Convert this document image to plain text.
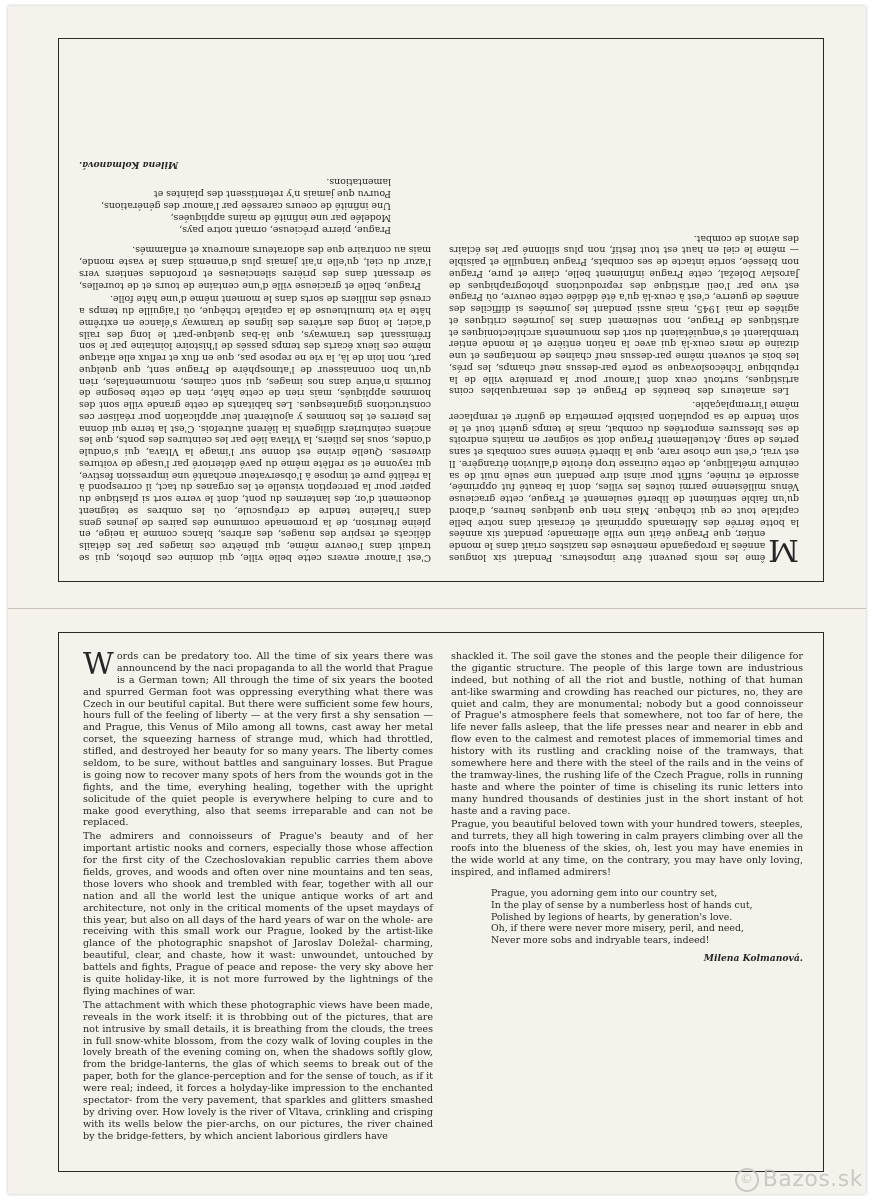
M
ême les mots peuvent être imposteurs. Pendant six longues années la propagande menteuse des nazistes criait dans le monde entier, que Prague était une ville allemande; pendant six années la botte ferrée des Allemands opprimait et écrasait dans notre belle capitale tout ce qui tchèque. Mais rien que quelques heures, d'abord qu'un faible sentiment de liberté seulement et Prague, cette gracieuse Vénus millésienne parmi toutes les villes, dont la beauté fut opprimée, assordie et ruinée, suffit pour ainsi dire pendant une seule nuit de sa ceinture métallique, de cette cuirasse trop étroite d'alluvion étrangère. Il est vrai, c'est une chose rare, que la liberté vienne sans combats et sans pertes de sang. Actuellement Prague doit se soigner en maints endroits de ses blessures emportées du combat, mais le temps guérit tout et le soin tendre de sa population paisible permettra de guérir et remplacer même l'irremplaçable.

Les amateurs des beautés de Prague et des remarquables coins artistiques, surtout ceux dont l'amour pour la première ville de la république Tchécoslovaque se porte par-dessus neuf champs, les prés, les bois et souvent même par-dessus neuf chaînes de montagnes et une dizaine de mers ceux-là qui avec la nation entière et le monde entier tremblaient et s'enquiétaient du sort des monuments architectoniques et artistiques de Prague, non seulement dans les journées critiques et agitées de mai 1945, mais aussi pendant les journées si difficiles des années de guerre, c'est à ceux-là qu'a été dédiée cette oeuvre, où Prague est vue par l'oeil artistique des reproductions photographiques de Jaroslav Doležal, cette Prague infiniment belle, claire et pure, Prague non blessée, sortie intacte de ses combats, Prague tranquille et paisible — même le ciel en haut est tout festif, non plus sillonné par les éclairs des avions de combat.

C'est l'amour envers cette belle ville, qui domine ces photos, qui se traduit dans l'oeuvre même, qui pénètre ces images par les détails délicats et respire des nuages, des arbres, blancs comme la neige, en pleine fleurison, de la promenade commune des paires de jeunes gens dans l'haleine tendre de crépuscule, où les ombres se teignent doucement d'or, des lanternes du pont, dont le verre sort si plastique du papier pour la perception visuelle et les organes du tact, il correspond à la réalité pure et impose à l'observateur enchanté une impression festive, qui rayonne et se reflète même du pavé déterioré par l'usage de voitures diverses. Quelle divine est donne sur l'image la Vltava, qui s'ondule d'ondes, sous les piliers, la Vltava liée par les ceintures des ponts, que les anciens ceinturiers diligents la lièrent autrefois. C'est la terre qui donna les pierres et les hommes y ajoutèrent leur application pour réaliser ces constructions gigantesques. Les habitants de cette grande ville sont des hommes appliqués, mais rien de cette hâte, rien de cette besogne de fourmis n'entre dans nos images, qui sont calmes, monumentales, rien qu'un bon connaisseur de l'atmosphère de Prague sent, que quelque part, non loin de là, la vie ne repose pas, que en flux et reflux elle attaque même ces lieux écarts des temps passés de l'histoire lointaine par le son frémissant des tramways, que là-bas quelque-part le long des rails d'acier, le long des artères des lignes de tramway s'élance en extrême hâte la vie tumultueuse de la capitale tchèque, où l'aiguille du temps a creusé des milliers de sorts dans le moment même d'une hâte folle.

Prague, belle et gracieuse ville d'une centaine de tours et de tourelles, se dressant dans des prières silencieuses et profondes sentiers vers l'azur du ciel, qu'elle n'ait jamais plus d'ennemis dans le vaste monde, mais au contraire que des adorateurs amoureux et enflammés.

Prague, pierre précieuse, ornant notre pays,
Modelée par une infinité de mains appliquées,
Une infinité de coeurs caressée par l'amour des générations,
Pourvu que jamais n'y retentissent des plaintes et
lamentations.
Milena Kolmanová.

Words can be predatory too. All the time of six years there was announcend by the naci propaganda to all the world that Prague is a German town; All through the time of six years the booted and spurred German foot was oppressing everything what there was Czech in our beutiful capital. But there were sufficient some few hours, hours full of the feeling of liberty — at the very first a shy sensation — and Prague, this Venus of Milo among all towns, cast away her metal corset, the squeezing harness of strange mud, which had throttled, stifled, and destroyed her beauty for so many years. The liberty comes seldom, to be sure, without battles and sanguinary losses. But Prague is going now to recover many spots of hers from the wounds got in the fights, and the time, everyhing healing, together with the upright solicitude of the quiet people is everywhere helping to cure and to make good everything, also that seems irreparable and can not be replaced.

The admirers and connoisseurs of Prague's beauty and of her important artistic nooks and corners, especially those whose affection for the first city of the Czechoslovakian republic carries them above fields, groves, and woods and often over nine mountains and ten seas, those lovers who shook and trembled with fear, together with all our nation and all the world lest the unique antique works of art and architecture, not only in the critical moments of the upset maydays of this year, but also on all days of the hard years of war on the whole- are receiving with this small work our Prague, looked by the artist-like glance of the photographic snapshot of Jaroslav Doležal- charming, beautiful, clear, and chaste, how it wast: unwoundet, untouched by battels and fights, Prague of peace and repose- the very sky above her is quite holiday-like, it is not more furrowed by the lightnings of the flying machines of war.

The attachment with which these photographic views have been made, reveals in the work itself: it is throbbing out of the pictures, that are not intrusive by small details, it is breathing from the clouds, the trees in full snow-white blossom, from the cozy walk of loving couples in the lovely breath of the evening coming on, when the shadows softly glow, from the bridge-lanterns, the glas of which seems to break out of the paper, both for the glance-perception and for the sense of touch, as if it were real; indeed, it forces a holyday-like impression to the enchanted spectator- from the very pavement, that sparkles and glitters smashed by driving over. How lovely is the river of Vltava, crinkling and crisping with its wells below the pier-archs, on our pictures, the river chained by the bridge-fetters, by which ancient laborious girdlers have

shackled it. The soil gave the stones and the people their diligence for the gigantic structure. The people of this large town are industrious indeed, but nothing of all the riot and bustle, nothing of that human ant-like swarming and crowding has reached our pictures, no, they are quiet and calm, they are monumental; nobody but a good connoisseur of Prague's atmosphere feels that somewhere, not too far of here, the life never falls asleep, that the life presses near and nearer in ebb and flow even to the calmest and remotest places of immemorial times and history with its rustling and crackling noise of the tramways, that somewhere here and there with the steel of the rails and in the veins of the tramway-lines, the rushing life of the Czech Prague, rolls in running haste and where the pointer of time is chiseling its runic letters into many hundred thousands of destinies just in the short instant of hot haste and a raving pace.

Prague, you beautiful beloved town with your hundred towers, steeples, and turrets, they all high towering in calm prayers climbing over all the roofs into the blueness of the skies, oh, lest you may have enemies in the wide world at any time, on the contrary, you may have only loving, inspired, and inflamed admirers!

Prague, you adorning gem into our country set,
In the play of sense by a numberless host of hands cut,
Polished by legions of hearts, by generation's love.
Oh, if there were never more misery, peril, and need,
Never more sobs and indryable tears, indeed!
Milena Kolmanová.
© Bazos.sk
